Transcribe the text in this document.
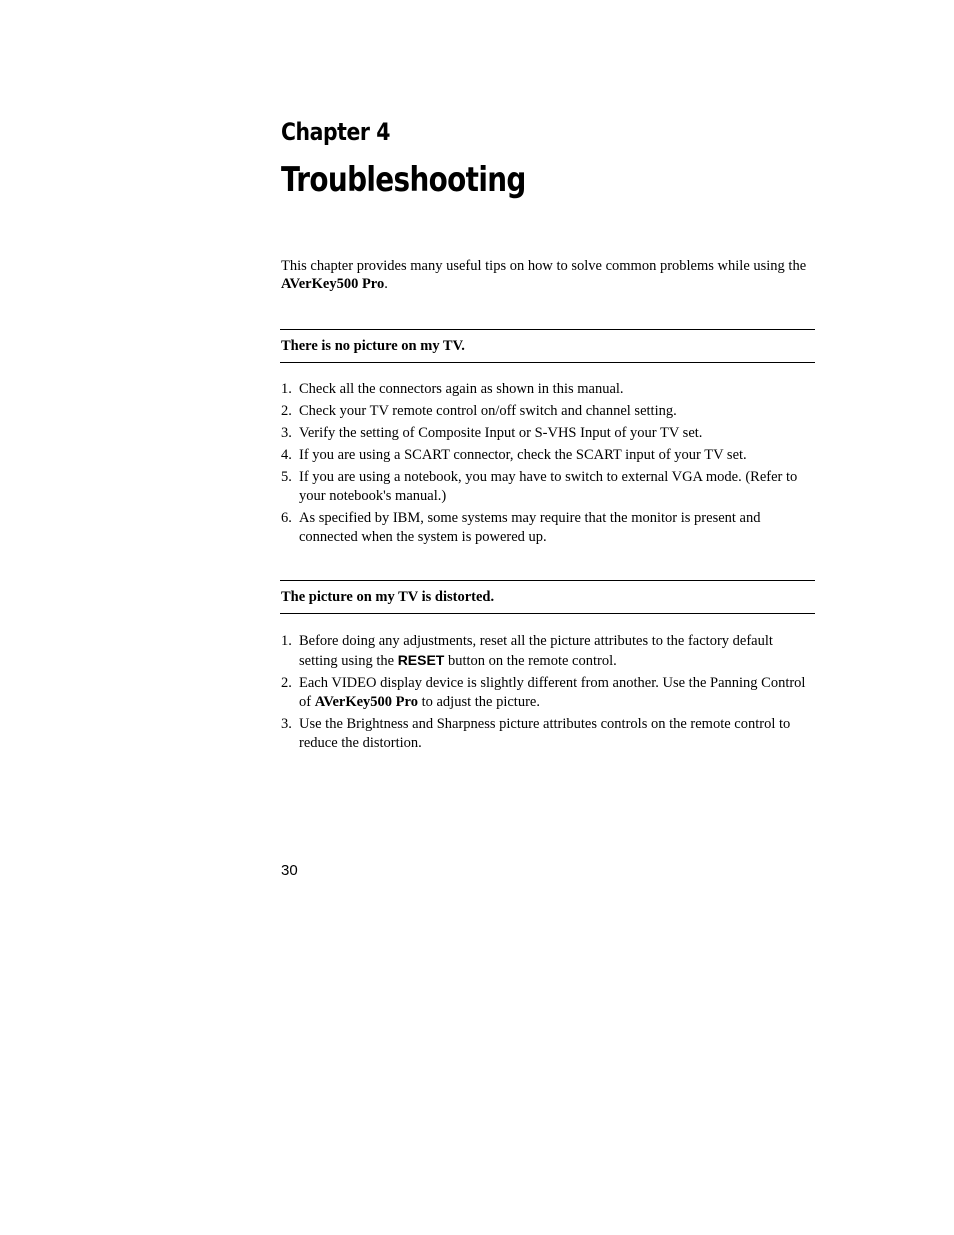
Chapter 4
Troubleshooting

This chapter provides many useful tips on how to solve common problems while using the AVerKey500 Pro.

There is no picture on my TV.
1. Check all the connectors again as shown in this manual.
2. Check your TV remote control on/off switch and channel setting.
3. Verify the setting of Composite Input or S-VHS Input of your TV set.
4. If you are using a SCART connector, check the SCART input of your TV set.
5. If you are using a notebook, you may have to switch to external VGA mode. (Refer to your notebook's manual.)
6. As specified by IBM, some systems may require that the monitor is present and connected when the system is powered up.
The picture on my TV is distorted.
1. Before doing any adjustments, reset all the picture attributes to the factory default setting using the RESET button on the remote control.
2. Each VIDEO display device is slightly different from another. Use the Panning Control of AVerKey500 Pro to adjust the picture.
3. Use the Brightness and Sharpness picture attributes controls on the remote control to reduce the distortion.

30
